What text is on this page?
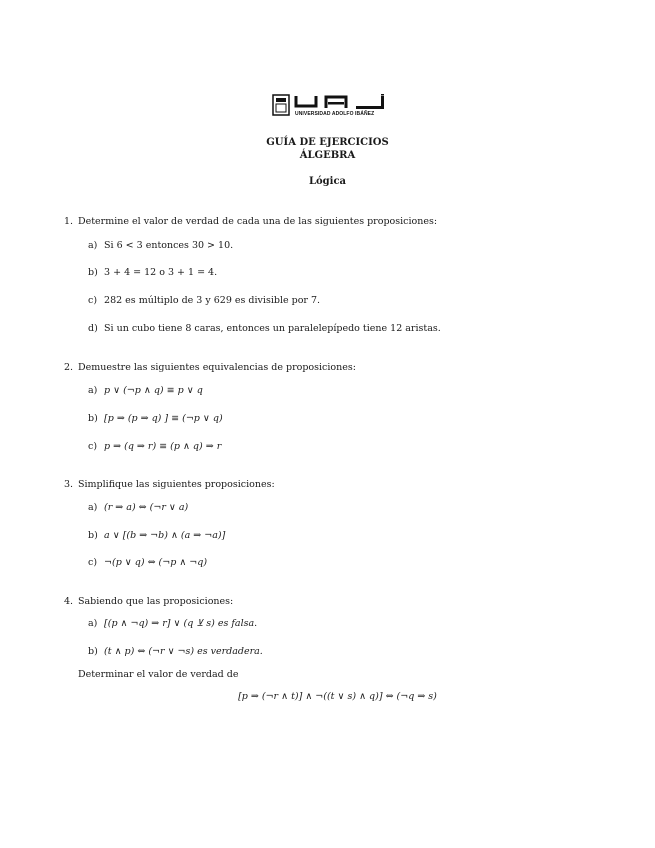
UNIVERSIDAD ADOLFO IBÁÑEZ
GUÍA DE EJERCICIOS
ÁLGEBRA
Lógica
1. Determine el valor de verdad de cada una de las siguientes proposiciones:
a) Si 6 < 3 entonces 30 > 10.
b) 3 + 4 = 12 o 3 + 1 = 4.
c) 282 es múltiplo de 3 y 629 es divisible por 7.
d) Si un cubo tiene 8 caras, entonces un paralelepípedo tiene 12 aristas.
2. Demuestre las siguientes equivalencias de proposiciones:
a) p ∨ (¬p ∧ q) ≡ p ∨ q
b) [p ⇒ (p ⇒ q) ] ≡ (¬p ∨ q)
c) p ⇒ (q ⇒ r) ≡ (p ∧ q) ⇒ r
3. Simplifique las siguientes proposiciones:
a) (r ⇒ a) ⇔ (¬r ∨ a)
b) a ∨ [(b ⇒ ¬b) ∧ (a ⇒ ¬a)]
c) ¬(p ∨ q) ⇔ (¬p ∧ ¬q)
4. Sabiendo que las proposiciones:
a) [(p ∧ ¬q) ⇒ r] ∨ (q ⊻ s) es falsa.
b) (t ∧ p) ⇔ (¬r ∨ ¬s) es verdadera.
Determinar el valor de verdad de
[p ⇒ (¬r ∧ t)] ∧ ¬((t ∨ s) ∧ q)] ⇔ (¬q ⇒ s)
